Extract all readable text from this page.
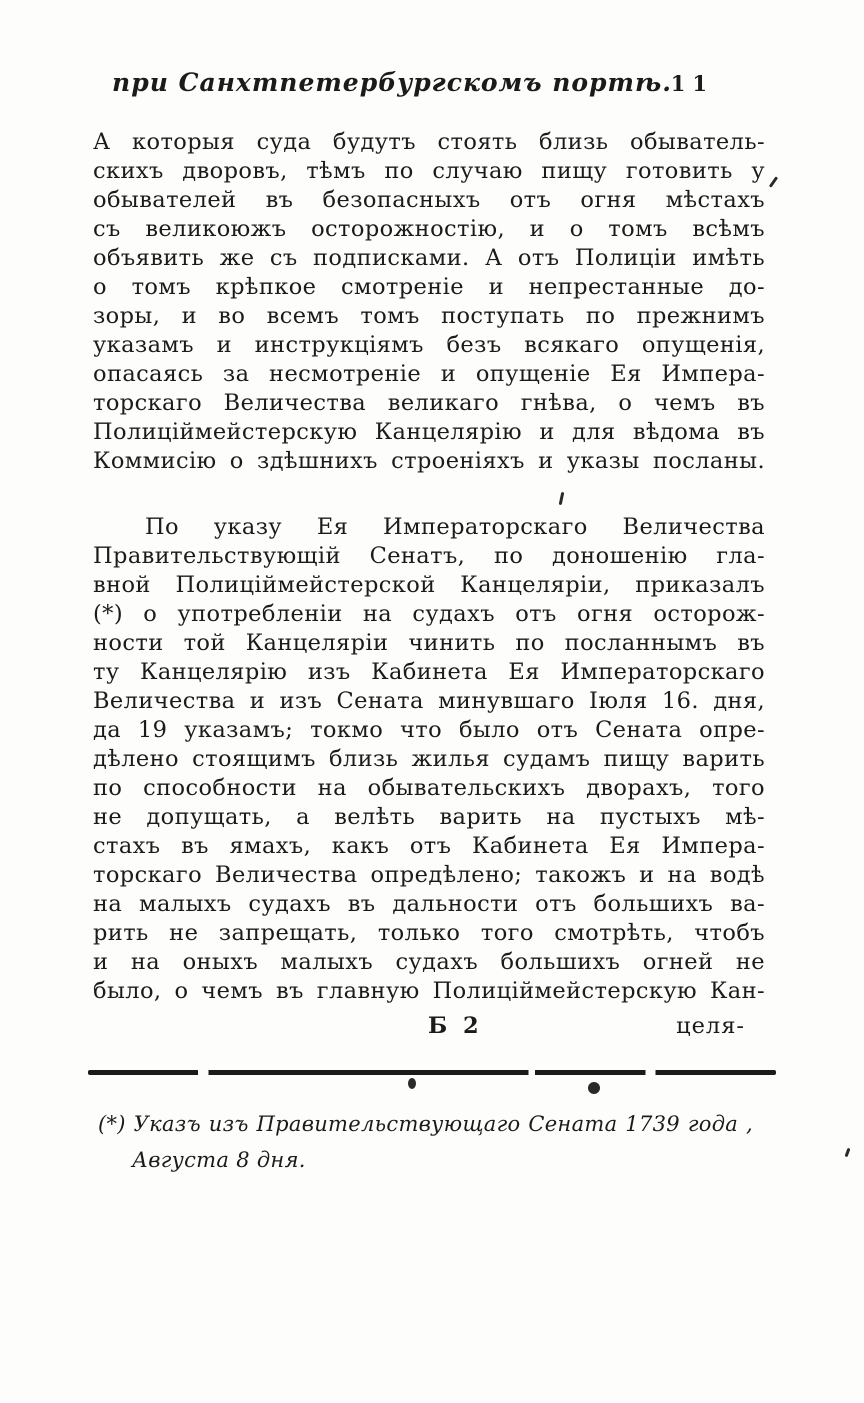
при Санхтпетербургскомъ портѣ.
11
А которыя суда будутъ стоять близь обыватель-
скихъ дворовъ, тѣмъ по случаю пищу готовить у
обывателей въ безопасныхъ отъ огня мѣстахъ
съ великоюжъ осторожностію, и о томъ всѣмъ
объявить же съ подписками. А отъ Полиціи имѣть
о томъ крѣпкое смотреніе и непрестанные до-
зоры, и во всемъ томъ поступать по прежнимъ
указамъ и инструкціямъ безъ всякаго опущенія,
опасаясь за несмотреніе и опущеніе Ея Импера-
торскаго Величества великаго гнѣва, о чемъ въ
Полиціймейстерскую Канцелярію и для вѣдома въ
Коммисію о здѣшнихъ строеніяхъ и указы посланы.
По указу Ея Императорскаго Величества
Правительствующій Сенатъ, по доношенію гла-
вной Полиціймейстерской Канцеляріи, приказалъ
(*) о употребленіи на судахъ отъ огня осторож-
ности той Канцеляріи чинить по посланнымъ въ
ту Канцелярію изъ Кабинета Ея Императорскаго
Величества и изъ Сената минувшаго Іюля 16. дня,
да 19 указамъ; токмо что было отъ Сената опре-
дѣлено стоящимъ близь жилья судамъ пищу варить
по способности на обывательскихъ дворахъ, того
не допущать, а велѣть варить на пустыхъ мѣ-
стахъ въ ямахъ, какъ отъ Кабинета Ея Импера-
торскаго Величества опредѣлено; такожъ и на водѣ
на малыхъ судахъ въ дальности отъ большихъ ва-
рить не запрещать, только того смотрѣть, чтобъ
и на оныхъ малыхъ судахъ большихъ огней не
было, о чемъ въ главную Полиціймейстерскую Кан-
Б 2	целя-
(*) Указъ изъ Правительствующаго Сената 1739 года ,
Августа 8 дня.
